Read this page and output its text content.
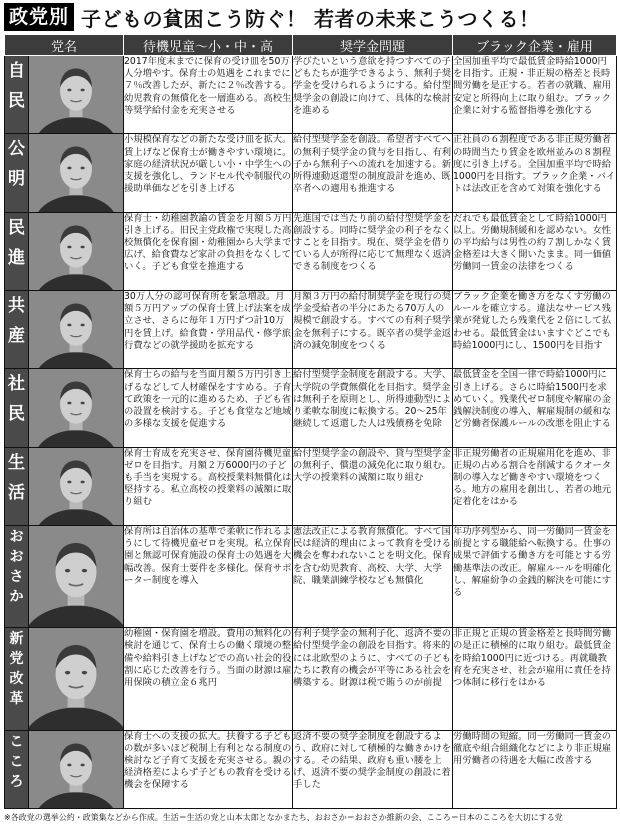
政党別 子どもの貧困こう防ぐ！ 若者の未来こうつくる！
党名		待機児童〜小・中・高	奨学金問題	ブラック企業・雇用
自
民		2017年度末までに保育の受け皿を50万人分増やす。保育士の処遇をこれまでに７％改善したが、新たに２％改善する。幼児教育の無償化を一層進める。高校生等奨学給付金を充実させる	学びたいという意欲を持つすべての子どもたちが進学できるよう、無利子奨学金を受けられるようにする。給付型奨学金の創設に向けて、具体的な検討を進める	全国加重平均で最低賃金時給1000円を目指す。正規・非正規の格差と長時間労働を是正する。若者の就職、雇用安定と所得向上に取り組む。ブラック企業に対する監督指導を強化する
公
明		小規模保育などの新たな受け皿を拡大。賃上げなど保育士が働きやすい環境に。家庭の経済状況が厳しい小・中学生への支援を強化し、ランドセル代や制服代の援助単価などを引き上げる	給付型奨学金を創設。希望者すべてへの無利子奨学金の貸与を目指し、有利子から無利子への流れを加速する。新所得連動返還型の制度設計を進め、既卒者への適用も推進する	正社員の６割程度である非正規労働者の時間当たり賃金を欧州並みの８割程度に引き上げる。全国加重平均で時給1000円を目指す。ブラック企業・バイトは法改正を含めて対策を強化する
民
進		保育士・幼稚園教諭の賃金を月額５万円引き上げる。旧民主党政権で実現した高校無償化を保育園・幼稚園から大学まで広げ、給食費など家計の負担をなくしていく。子ども食堂を推進する	先進国では当たり前の給付型奨学金を創設する。同時に奨学金の利子をなくすことを目指す。現在、奨学金を借りている人が所得に応じて無理なく返済できる制度をつくる	だれでも最低賃金として時給1000円以上。労働規制緩和を認めない。女性の平均給与は男性の約７割しかなく賃金格差は大きく開いたまま。同一価値労働同一賃金の法律をつくる
共
産		30万人分の認可保育所を緊急増設。月額５万円アップの保育士賃上げ法案を成立させ、さらに毎年１万円ずつ計10万円を賃上げ。給食費・学用品代・修学旅行費などの就学援助を拡充する	月額３万円の給付制奨学金を現行の奨学金受給者の半分にあたる70万人の規模で創設する。すべての有利子奨学金を無利子にする。既卒者の奨学金返済の減免制度をつくる	ブラック企業を働き方をなくす労働のルールを確立する。違法なサービス残業が発覚したら残業代を２倍にして払わせる。最低賃金はいますぐどこでも時給1000円にし、1500円を目指す
社
民		保育士らの給与を当面月額５万円引き上げるなどして人材確保をすすめる。子育て政策を一元的に進めるため、子ども省の設置を検討する。子ども食堂など地域の多様な支援を促進する	給付型奨学金制度を創設する。大学、大学院の学費無償化を目指す。奨学金は無利子を原則とし、所得連動型により柔軟な制度に転換する。20〜25年継続して返還した人は残債務を免除	最低賃金を全国一律で時給1000円に引き上げる。さらに時給1500円を求めていく。残業代ゼロ制度や解雇の金銭解決制度の導入、解雇規制の緩和など労働者保護ルールの改悪を阻止する
生
活		保育士育成を充実させ、保育園待機児童ゼロを目指す。月額２万6000円の子ども手当を実現する。高校授業料無償化は堅持する。私立高校の授業料の減額に取り組む	給付型奨学金の創設や、貸与型奨学金の無利子、償還の減免化に取り組む。大学の授業料の減額に取り組む	非正規労働者の正規雇用化を進め、非正規の占める割合を削減するクオータ制の導入など働きやすい環境をつくる。地方の雇用を創出し、若者の地元定着化をはかる
お
お
さ
か		保育所は自治体の基準で柔軟に作れるようにして待機児童ゼロを実現。私立保育園と無認可保育施設の保育士の処遇を大幅改善。保育士要件を多様化。保育サポーター制度を導入	憲法改正による教育無償化。すべて国民は経済的理由によって教育を受ける機会を奪われないことを明文化。保育を含む幼児教育、高校、大学、大学院、職業訓練学校なども無償化	年功序列型から、同一労働同一賃金を前提とする職能給へ転換する。仕事の成果で評価する働き方を可能とする労働基準法の改正。解雇ルールを明確化し、解雇紛争の金銭的解決を可能にする
新
党
改
革		幼稚園・保育園を増設。費用の無料化の検討を通じて、保育士らの働く環境の整備や給料引き上げなどでの高い社会的役割に応じた改善を行う。当面の財源は雇用保険の積立金６兆円	有利子奨学金の無利子化、返済不要の給付型奨学金の創設を目指す。将来的には北欧型のように、すべての子どもたちに教育の機会が平等にある社会を構築する。財源は税で賄うのが前提	非正規と正規の賃金格差と長時間労働の是正に積極的に取り組む。最低賃金を時給1000円に近づける。再就職教育を充実させ、社会が雇用に責任を持つ体制に移行をはかる
こ
こ
ろ		保育士への支援の拡大。扶養する子どもの数が多いほど税制上有利となる制度の検討など子育て支援を充実させる。親の経済格差によらず子どもの教育を受ける機会を保障する	返済不要の奨学金制度を創設するよう、政府に対して積極的な働きかけをする。その結果、政府も重い腰を上げ、返済不要の奨学金制度の創設に着手した	労働時間の短縮。同一労働同一賃金の徹底や組合組織化などにより非正規雇用労働者の待遇を大幅に改善する
※各政党の選挙公約・政策集などから作成。生活＝生活の党と山本太郎となかまたち、おおさか＝おおさか維新の会、こころ＝日本のこころを大切にする党
